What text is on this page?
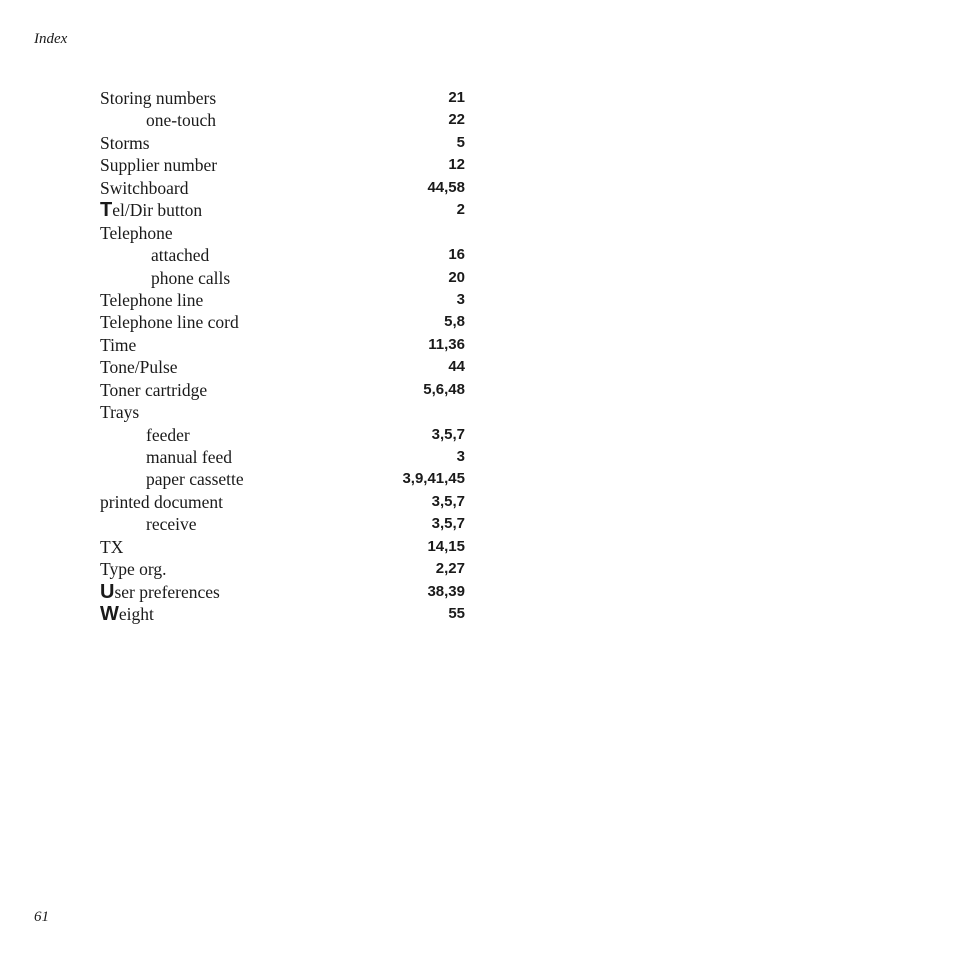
Index
Storing numbers	21
one-touch	22
Storms	5
Supplier number	12
Switchboard	44,58
Tel/Dir button	2
Telephone
attached	16
phone calls	20
Telephone line	3
Telephone line cord	5,8
Time	11,36
Tone/Pulse	44
Toner cartridge	5,6,48
Trays
feeder	3,5,7
manual feed	3
paper cassette	3,9,41,45
printed document	3,5,7
receive	3,5,7
TX	14,15
Type org.	2,27
User preferences	38,39
Weight	55
61
